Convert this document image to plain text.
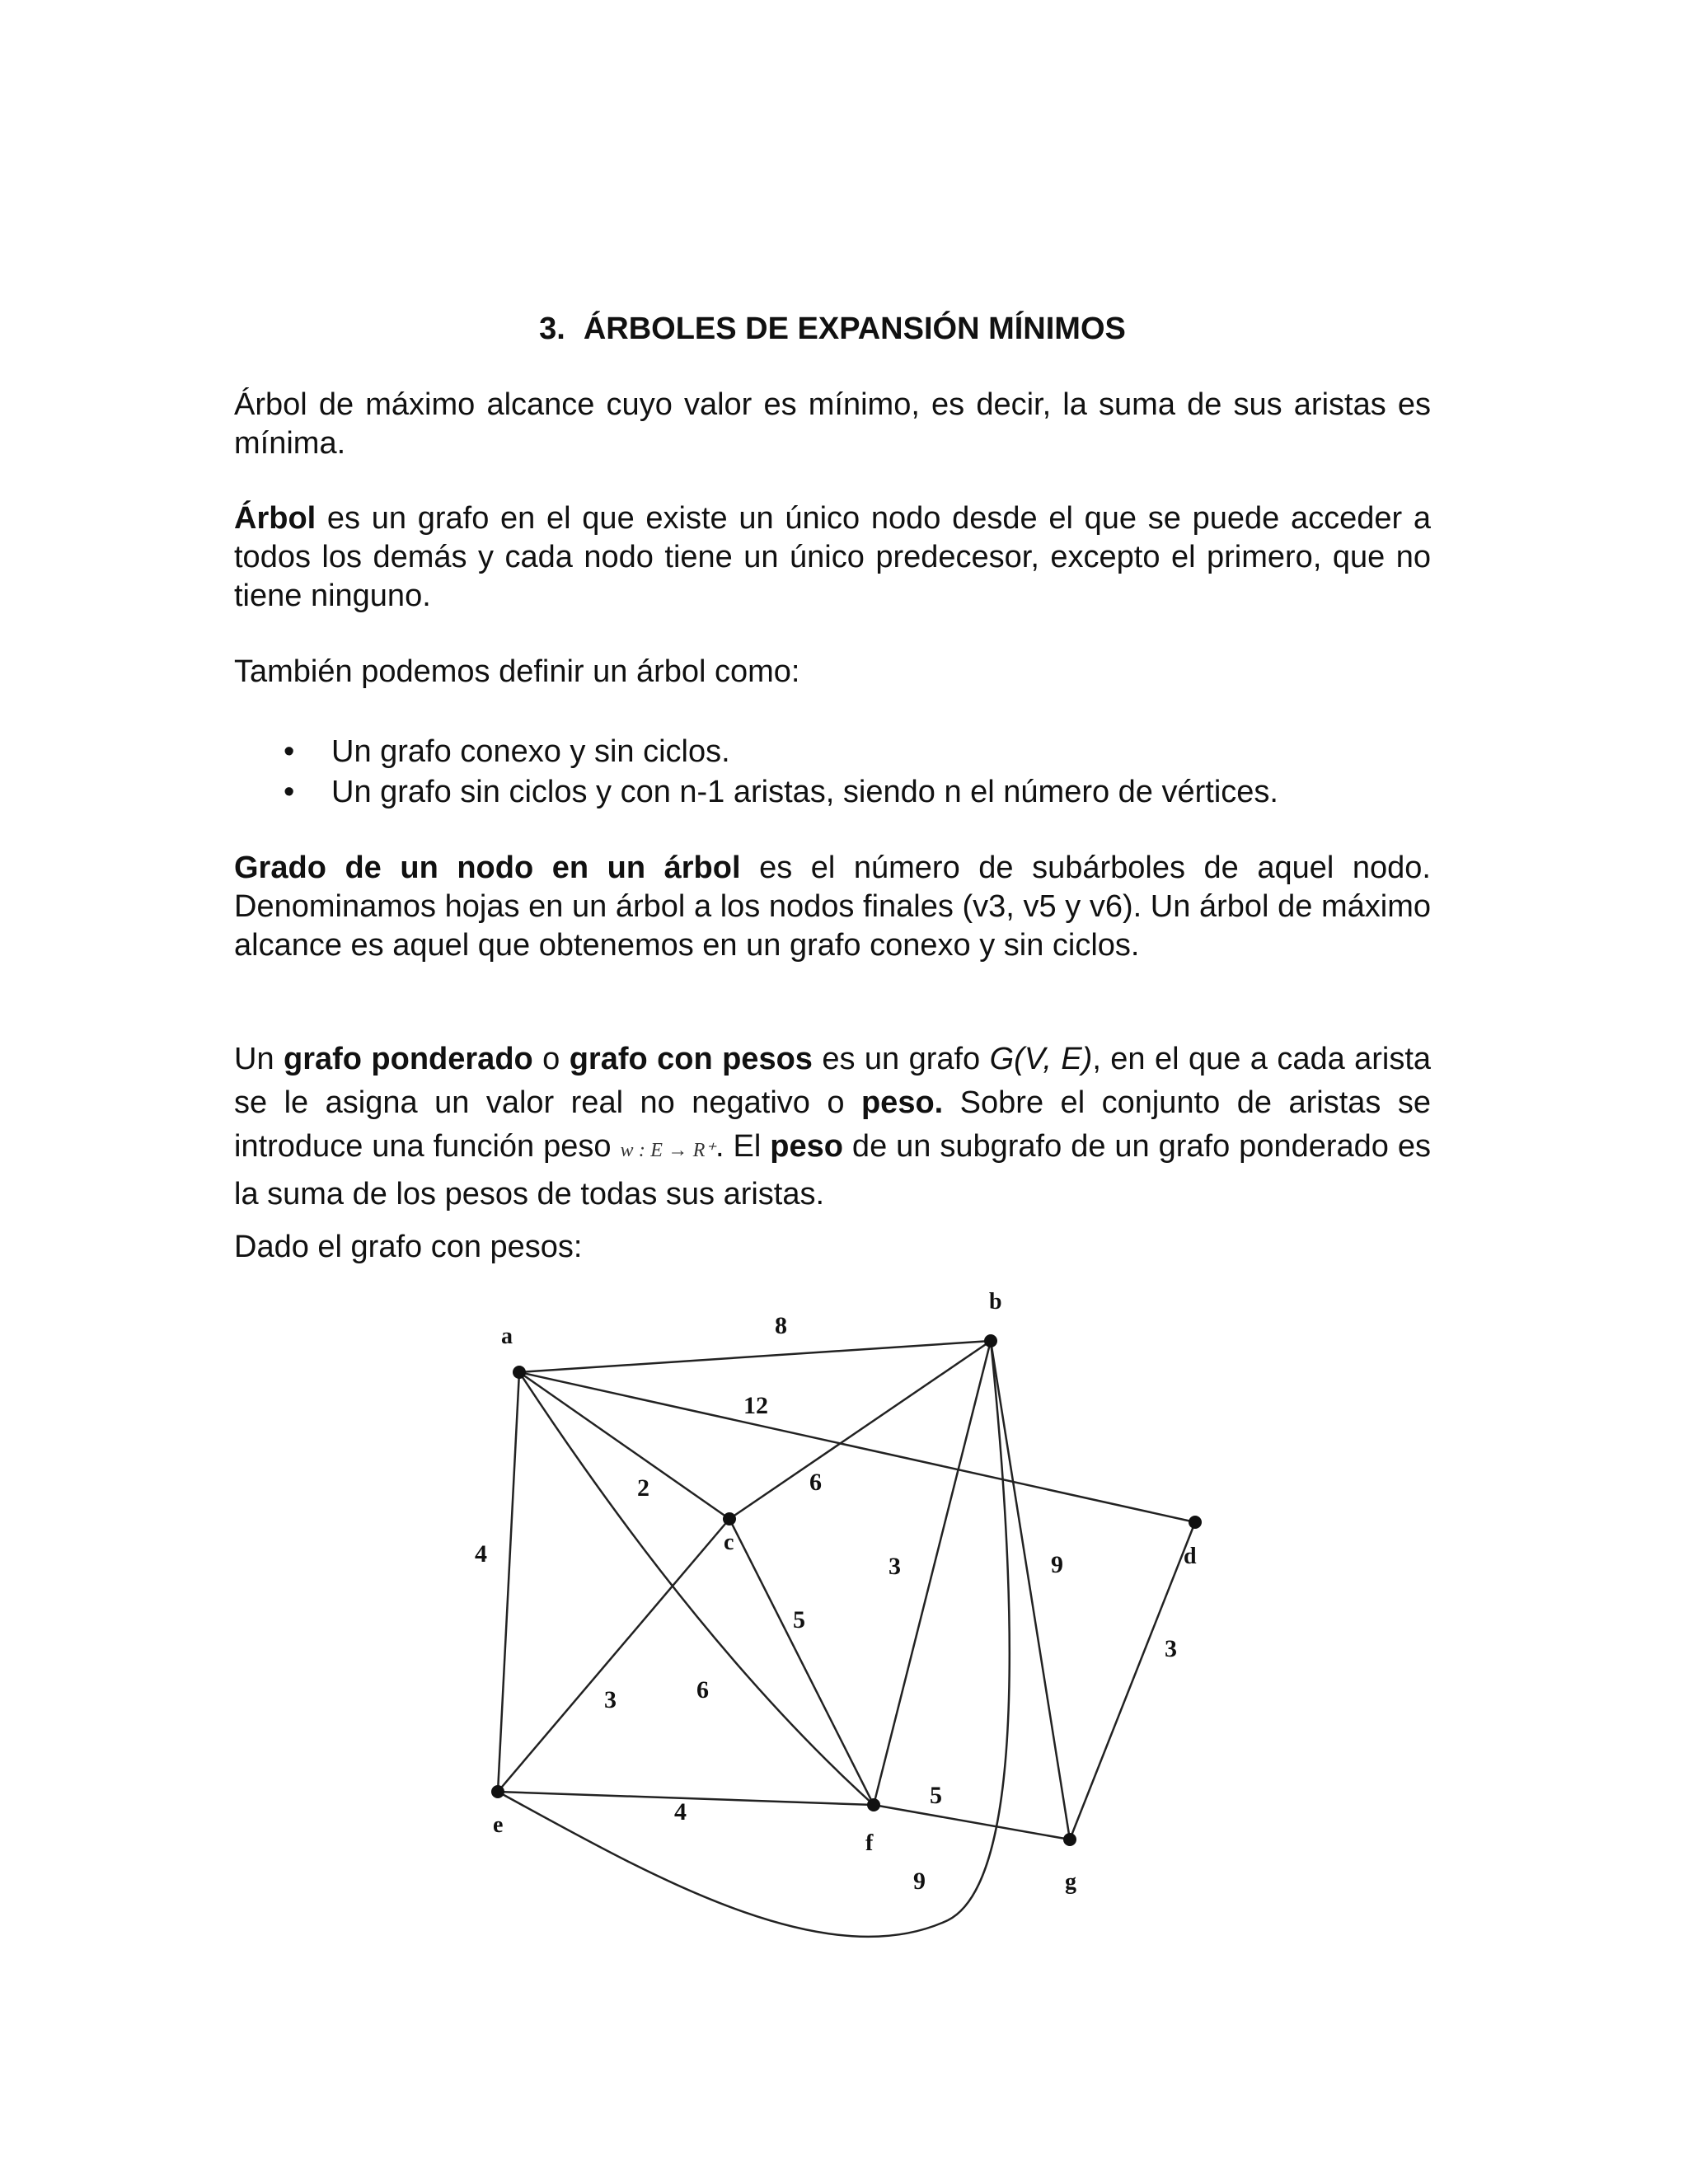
3. ÁRBOLES DE EXPANSIÓN MÍNIMOS

Árbol de máximo alcance cuyo valor es mínimo, es decir, la suma de sus aristas es mínima.

Árbol es un grafo en el que existe un único nodo desde el que se puede acceder a todos los demás y cada nodo tiene un único predecesor, excepto el primero, que no tiene ninguno.

También podemos definir un árbol como:

• Un grafo conexo y sin ciclos.
• Un grafo sin ciclos y con n-1 aristas, siendo n el número de vértices.

Grado de un nodo en un árbol es el número de subárboles de aquel nodo. Denominamos hojas en un árbol a los nodos finales (v3, v5 y v6). Un árbol de máximo alcance es aquel que obtenemos en un grafo conexo y sin ciclos.

Un grafo ponderado o grafo con pesos es un grafo G(V, E), en el que a cada arista se le asigna un valor real no negativo o peso. Sobre el conjunto de aristas se introduce una función peso w : E → R⁺. El peso de un subgrafo de un grafo ponderado es la suma de los pesos de todas sus aristas.

Dado el grafo con pesos:

a
b
c
d
e
f
g
8
12
2
4
6
6
3	9
5
3
3
4
5
9
